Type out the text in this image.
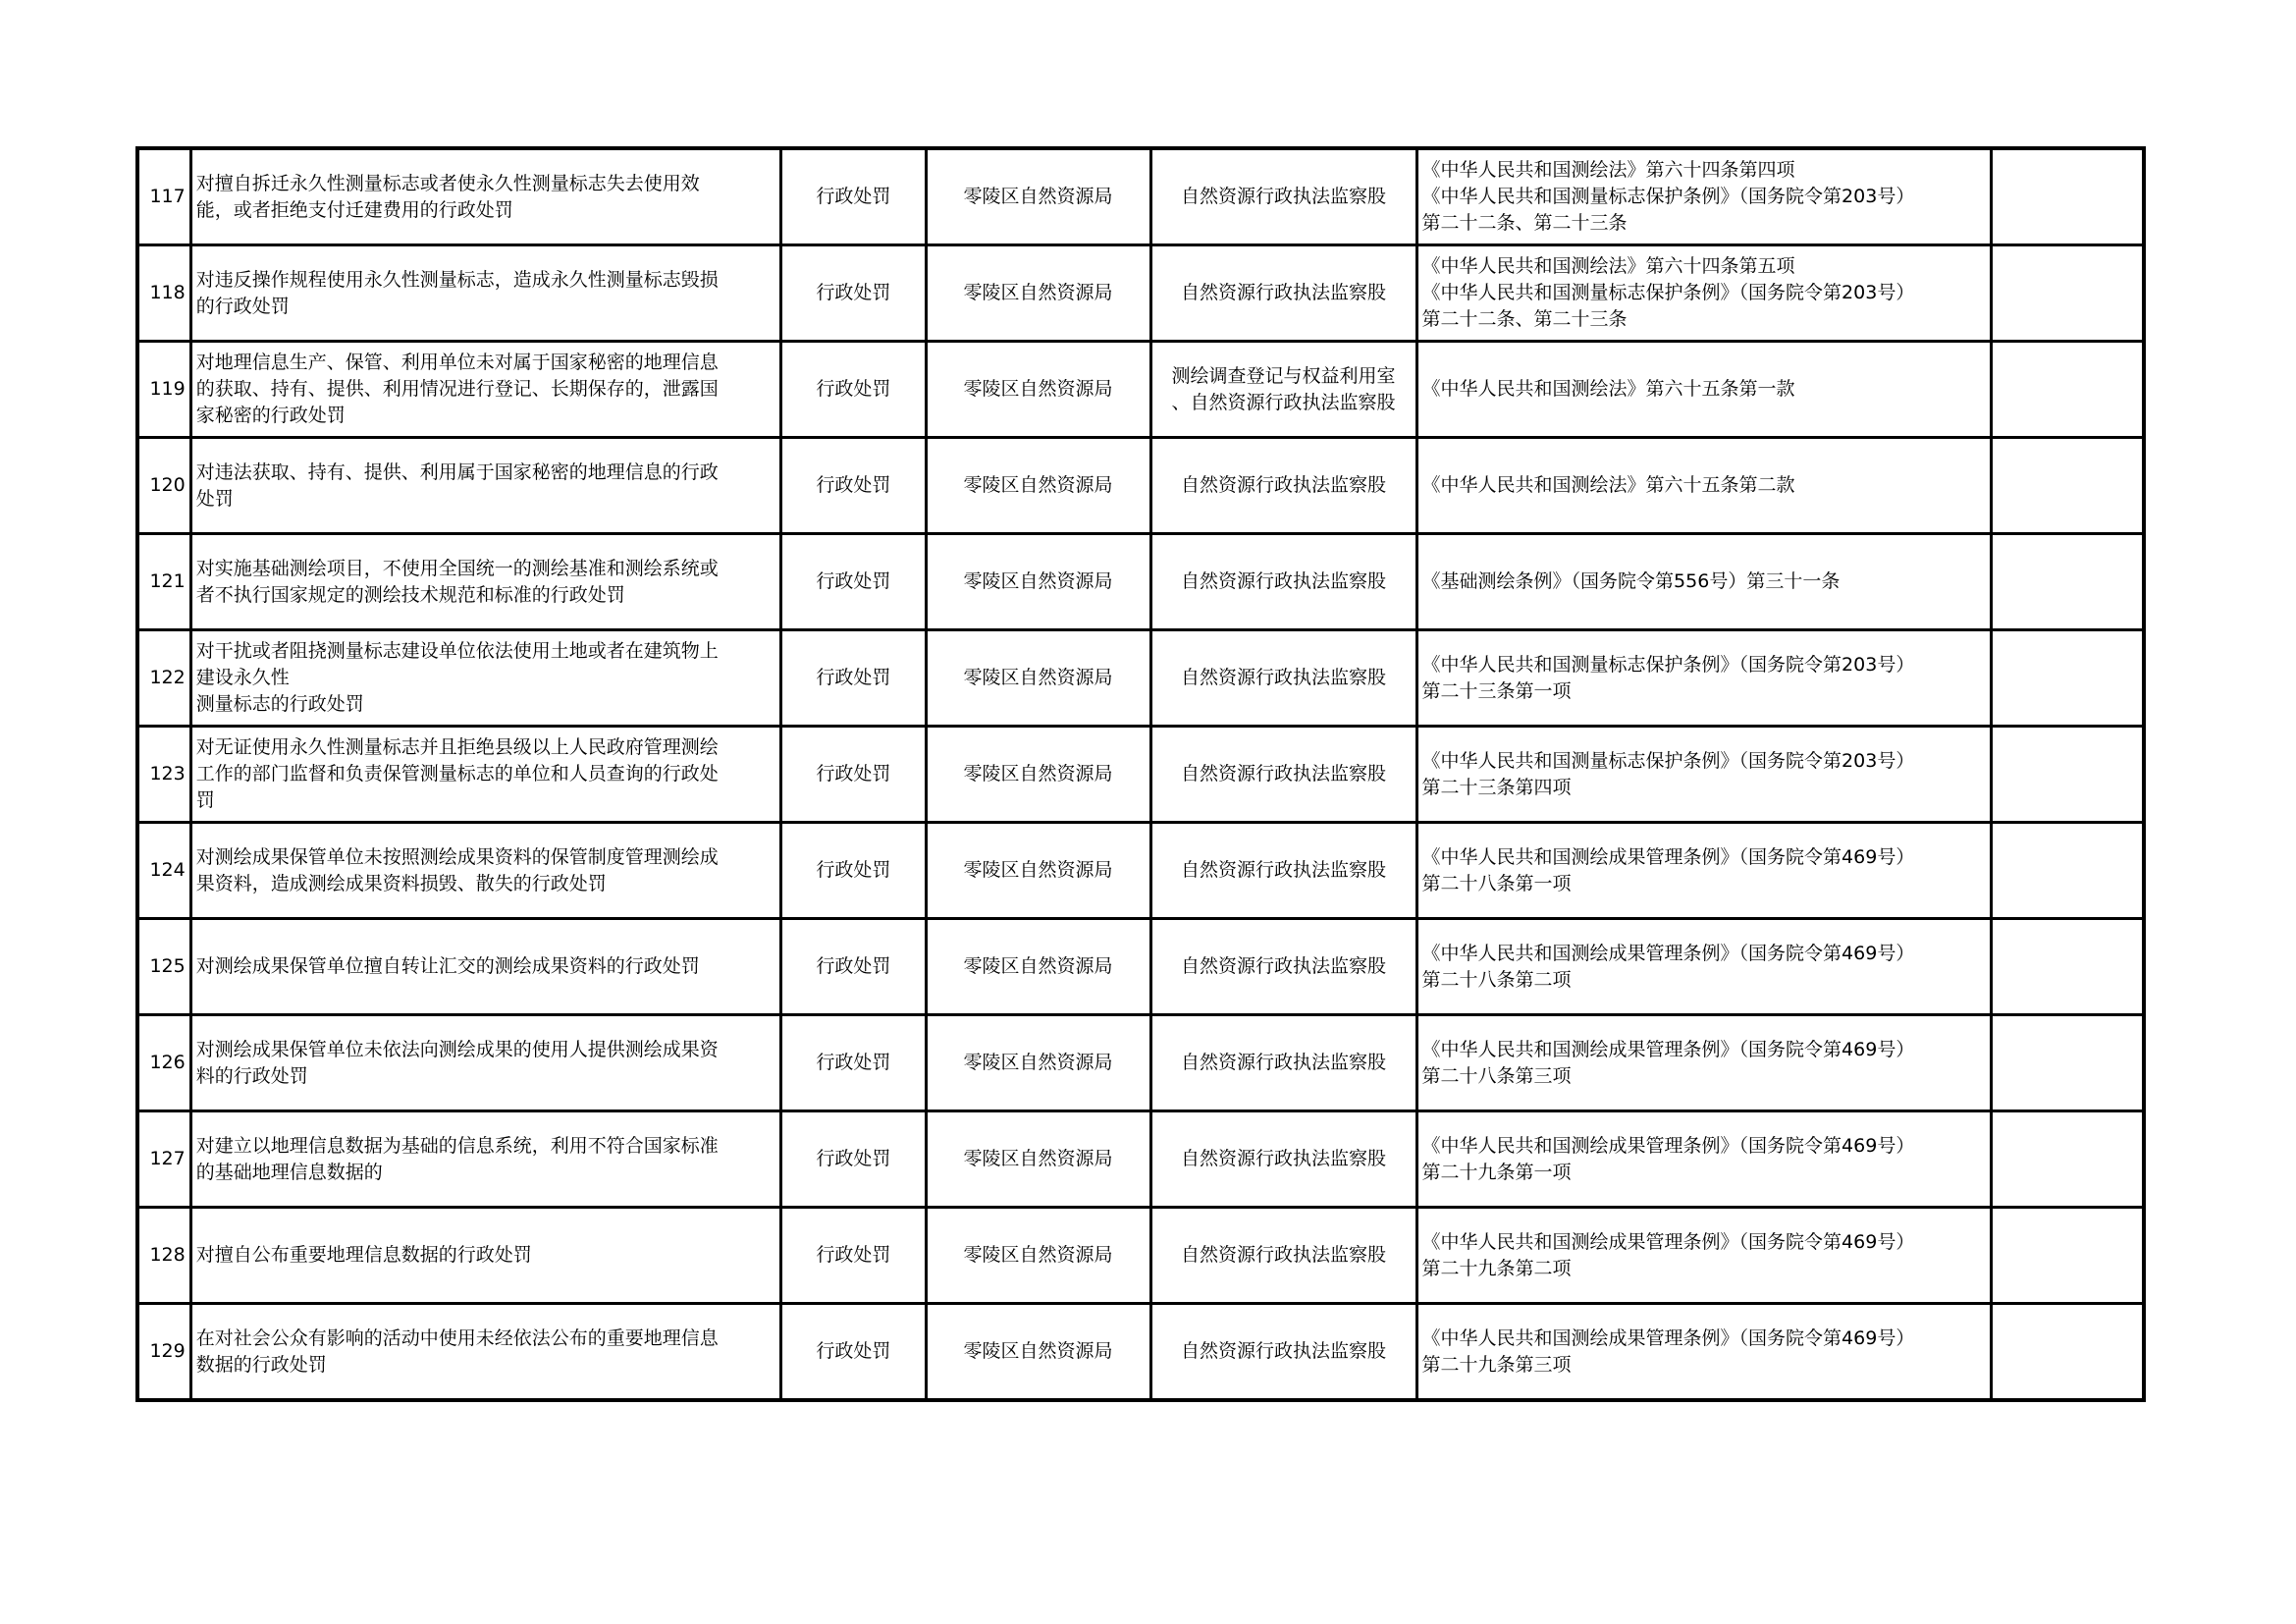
117	对擅自拆迁永久性测量标志或者使永久性测量标志失去使用效
能，或者拒绝支付迁建费用的行政处罚	行政处罚	零陵区自然资源局	自然资源行政执法监察股	《中华人民共和国测绘法》第六十四条第四项
《中华人民共和国测量标志保护条例》（国务院令第203号）
第二十二条、第二十三条	

118	对违反操作规程使用永久性测量标志，造成永久性测量标志毁损
的行政处罚	行政处罚	零陵区自然资源局	自然资源行政执法监察股	《中华人民共和国测绘法》第六十四条第五项
《中华人民共和国测量标志保护条例》（国务院令第203号）
第二十二条、第二十三条	

119	对地理信息生产、保管、利用单位未对属于国家秘密的地理信息
的获取、持有、提供、利用情况进行登记、长期保存的，泄露国
家秘密的行政处罚	行政处罚	零陵区自然资源局	测绘调查登记与权益利用室
、自然资源行政执法监察股	《中华人民共和国测绘法》第六十五条第一款	

120	对违法获取、持有、提供、利用属于国家秘密的地理信息的行政
处罚	行政处罚	零陵区自然资源局	自然资源行政执法监察股	《中华人民共和国测绘法》第六十五条第二款	

121	对实施基础测绘项目，不使用全国统一的测绘基准和测绘系统或
者不执行国家规定的测绘技术规范和标准的行政处罚	行政处罚	零陵区自然资源局	自然资源行政执法监察股	《基础测绘条例》（国务院令第556号）第三十一条	

122	对干扰或者阻挠测量标志建设单位依法使用土地或者在建筑物上
建设永久性
测量标志的行政处罚	行政处罚	零陵区自然资源局	自然资源行政执法监察股	《中华人民共和国测量标志保护条例》（国务院令第203号）
第二十三条第一项	

123	对无证使用永久性测量标志并且拒绝县级以上人民政府管理测绘
工作的部门监督和负责保管测量标志的单位和人员查询的行政处
罚	行政处罚	零陵区自然资源局	自然资源行政执法监察股	《中华人民共和国测量标志保护条例》（国务院令第203号）
第二十三条第四项	

124	对测绘成果保管单位未按照测绘成果资料的保管制度管理测绘成
果资料，造成测绘成果资料损毁、散失的行政处罚	行政处罚	零陵区自然资源局	自然资源行政执法监察股	《中华人民共和国测绘成果管理条例》（国务院令第469号）
第二十八条第一项	

125	对测绘成果保管单位擅自转让汇交的测绘成果资料的行政处罚	行政处罚	零陵区自然资源局	自然资源行政执法监察股	《中华人民共和国测绘成果管理条例》（国务院令第469号）
第二十八条第二项	

126	对测绘成果保管单位未依法向测绘成果的使用人提供测绘成果资
料的行政处罚	行政处罚	零陵区自然资源局	自然资源行政执法监察股	《中华人民共和国测绘成果管理条例》（国务院令第469号）
第二十八条第三项	

127	对建立以地理信息数据为基础的信息系统，利用不符合国家标准
的基础地理信息数据的	行政处罚	零陵区自然资源局	自然资源行政执法监察股	《中华人民共和国测绘成果管理条例》（国务院令第469号）
第二十九条第一项	

128	对擅自公布重要地理信息数据的行政处罚	行政处罚	零陵区自然资源局	自然资源行政执法监察股	《中华人民共和国测绘成果管理条例》（国务院令第469号）
第二十九条第二项	

129	在对社会公众有影响的活动中使用未经依法公布的重要地理信息
数据的行政处罚	行政处罚	零陵区自然资源局	自然资源行政执法监察股	《中华人民共和国测绘成果管理条例》（国务院令第469号）
第二十九条第三项	
